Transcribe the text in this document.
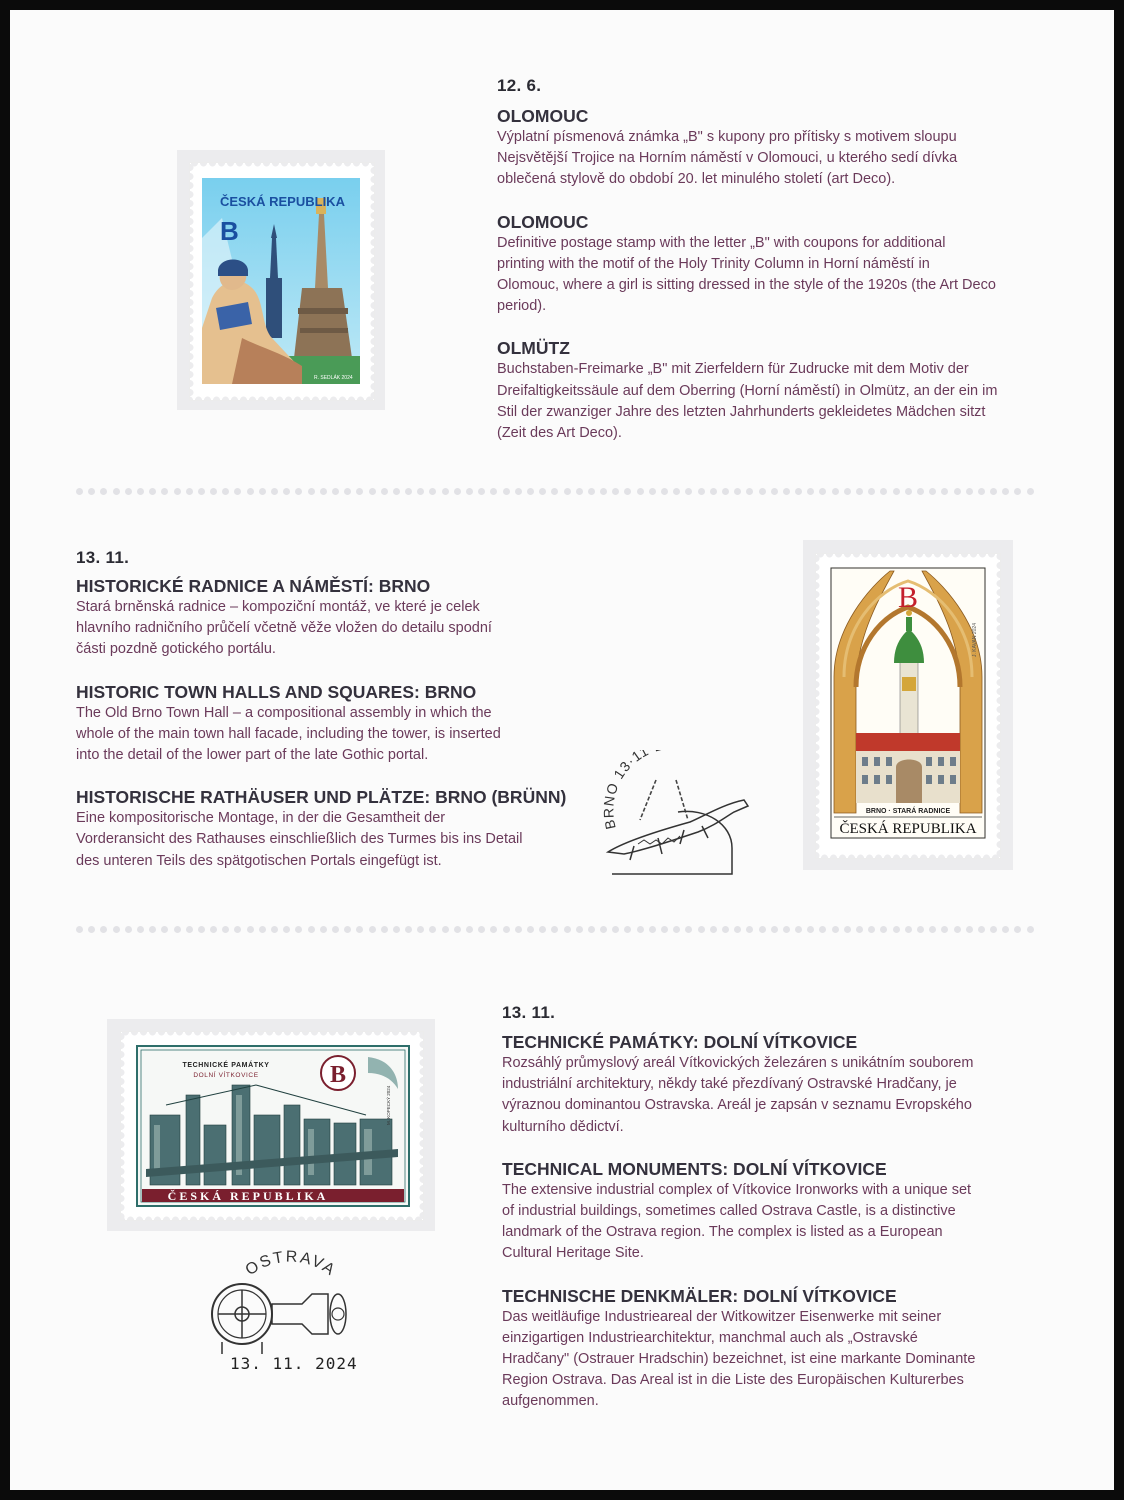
12. 6.
OLOMOUC
Výplatní písmenová známka „B" s kupony pro přítisky s motivem sloupu
Nejsvětější Trojice na Horním náměstí v Olomouci, u kterého sedí dívka
oblečená stylově do období 20. let minulého století (art Deco).
OLOMOUC
Definitive postage stamp with the letter „B" with coupons for additional
printing with the motif of the Holy Trinity Column in Horní náměstí in
Olomouc, where a girl is sitting dressed in the style of the 1920s (the Art Deco
period).
OLMÜTZ
Buchstaben-Freimarke „B" mit Zierfeldern für Zudrucke mit dem Motiv der
Dreifaltigkeitssäule auf dem Oberring (Horní náměstí) in Olmütz, an der ein im
Stil der zwanziger Jahre des letzten Jahrhunderts gekleidetes Mädchen sitzt
(Zeit des Art Deco).
ČESKÁ REPUBLIKA
B
R. SEDLÁK 2024
13. 11.
HISTORICKÉ RADNICE A NÁMĚSTÍ: BRNO
Stará brněnská radnice – kompoziční montáž, ve které je celek
hlavního radničního průčelí včetně věže vložen do detailu spodní
části pozdně gotického portálu.
HISTORIC TOWN HALLS AND SQUARES: BRNO
The Old Brno Town Hall – a compositional assembly in which the
whole of the main town hall facade, including the tower, is inserted
into the detail of the lower part of the late Gothic portal.
HISTORISCHE RATHÄUSER UND PLÄTZE: BRNO (BRÜNN)
Eine kompositorische Montage, in der die Gesamtheit der
Vorderansicht des Rathauses einschließlich des Turmes bis ins Detail
des unteren Teils des spätgotischen Portals eingefügt ist.
BRNO 13·11
B
BRNO · STARÁ RADNICE
ČESKÁ REPUBLIKA
J. KAVAN 2024
13. 11.
TECHNICKÉ PAMÁTKY: DOLNÍ VÍTKOVICE
Rozsáhlý průmyslový areál Vítkovických železáren s unikátním souborem
industriální architektury, někdy také přezdívaný Ostravské Hradčany, je
výraznou dominantou Ostravska. Areál je zapsán v seznamu Evropského
kulturního dědictví.
TECHNICAL MONUMENTS: DOLNÍ VÍTKOVICE
The extensive industrial complex of Vítkovice Ironworks with a unique set
of industrial buildings, sometimes called Ostrava Castle, is a distinctive
landmark of the Ostrava region. The complex is listed as a European
Cultural Heritage Site.
TECHNISCHE DENKMÄLER: DOLNÍ VÍTKOVICE
Das weitläufige Industrieareal der Witkowitzer Eisenwerke mit seiner
einzigartigen Industriearchitektur, manchmal auch als „Ostravské
Hradčany" (Ostrauer Hradschin) bezeichnet, ist eine markante Dominante
Region Ostrava. Das Areal ist in die Liste des Europäischen Kulturerbes
aufgenommen.
TECHNICKÉ PAMÁTKY
DOLNÍ VÍTKOVICE	B
ČESKÁ REPUBLIKA
M. KOPECKÝ 2024
OSTRAVA
13. 11. 2024
